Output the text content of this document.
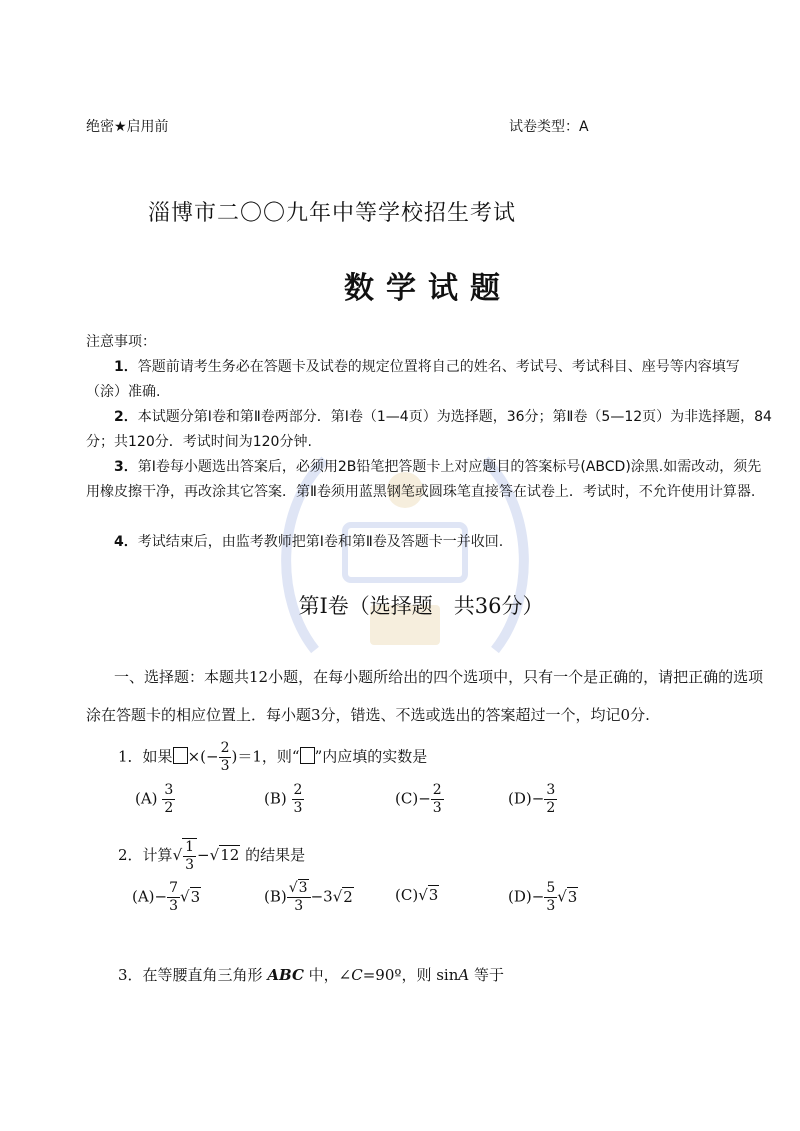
绝密★启用前	试卷类型：A
淄博市二〇〇九年中等学校招生考试
数学试题
注意事项：
1．答题前请考生务必在答题卡及试卷的规定位置将自己的姓名、考试号、考试科目、座号等内容填写（涂）准确.
2．本试题分第Ⅰ卷和第Ⅱ卷两部分．第Ⅰ卷（1—4页）为选择题，36分；第Ⅱ卷（5—12页）为非选择题，84分；共120分．考试时间为120分钟.
3．第Ⅰ卷每小题选出答案后，必须用2B铅笔把答题卡上对应题目的答案标号(ABCD)涂黑.如需改动，须先用橡皮擦干净，再改涂其它答案．第Ⅱ卷须用蓝黑钢笔或圆珠笔直接答在试卷上．考试时，不允许使用计算器.
4．考试结束后，由监考教师把第Ⅰ卷和第Ⅱ卷及答题卡一并收回.
第Ⅰ卷（选择题　共36分）
一、选择题：本题共12小题，在每小题所给出的四个选项中，只有一个是正确的，请把正确的选项涂在答题卡的相应位置上．每小题3分，错选、不选或选出的答案超过一个，均记0分.
1．如果 ×(− $\frac{2}{3} )=1$，则“ ”内应填的实数是
$(A) \frac{3}{2}$	$(B) \frac{2}{3}$	$(C)- \frac{2}{3}$	$(D)- \frac{3}{2}$
2．计算√ $\frac{1}{3} -√12$ 的结果是
$(A)- \frac{7}{3} √3$	$(B) \frac{√3}{3} -3√2$	(C)√3	$(D)- \frac{5}{3} √3$
3．在等腰直角三角形 ABC 中，∠C=90º，则 sinA 等于
